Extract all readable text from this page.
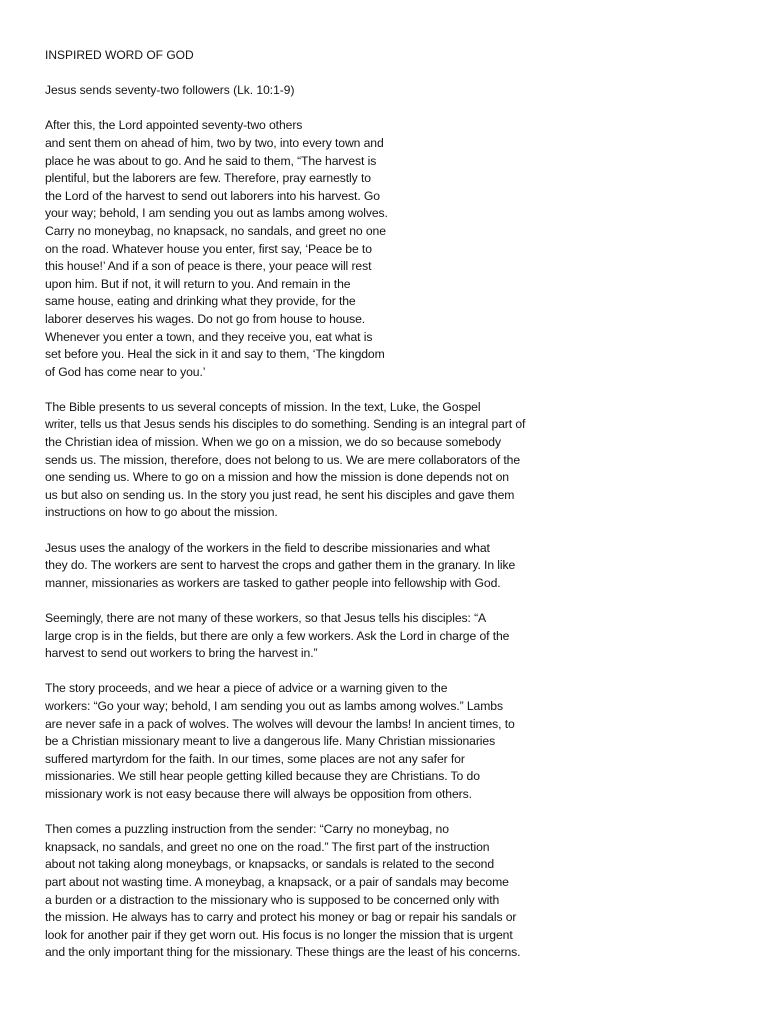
INSPIRED WORD OF GOD
Jesus sends seventy-two followers (Lk. 10:1-9)
After this, the Lord appointed seventy-two others
and sent them on ahead of him, two by two, into every town and
place he was about to go. And he said to them, “The harvest is
plentiful, but the laborers are few. Therefore, pray earnestly to
the Lord of the harvest to send out laborers into his harvest. Go
your way; behold, I am sending you out as lambs among wolves.
Carry no moneybag, no knapsack, no sandals, and greet no one
on the road. Whatever house you enter, first say, ‘Peace be to
this house!’ And if a son of peace is there, your peace will rest
upon him. But if not, it will return to you. And remain in the
same house, eating and drinking what they provide, for the
laborer deserves his wages. Do not go from house to house.
Whenever you enter a town, and they receive you, eat what is
set before you. Heal the sick in it and say to them, ‘The kingdom
of God has come near to you.’
The Bible presents to us several concepts of mission. In the text, Luke, the Gospel
writer, tells us that Jesus sends his disciples to do something. Sending is an integral part of
the Christian idea of mission. When we go on a mission, we do so because somebody
sends us. The mission, therefore, does not belong to us. We are mere collaborators of the
one sending us. Where to go on a mission and how the mission is done depends not on
us but also on sending us. In the story you just read, he sent his disciples and gave them
instructions on how to go about the mission.
Jesus uses the analogy of the workers in the field to describe missionaries and what
they do. The workers are sent to harvest the crops and gather them in the granary. In like
manner, missionaries as workers are tasked to gather people into fellowship with God.
Seemingly, there are not many of these workers, so that Jesus tells his disciples: “A
large crop is in the fields, but there are only a few workers. Ask the Lord in charge of the
harvest to send out workers to bring the harvest in.”
The story proceeds, and we hear a piece of advice or a warning given to the
workers: “Go your way; behold, I am sending you out as lambs among wolves.” Lambs
are never safe in a pack of wolves. The wolves will devour the lambs! In ancient times, to
be a Christian missionary meant to live a dangerous life. Many Christian missionaries
suffered martyrdom for the faith. In our times, some places are not any safer for
missionaries. We still hear people getting killed because they are Christians. To do
missionary work is not easy because there will always be opposition from others.
Then comes a puzzling instruction from the sender: “Carry no moneybag, no
knapsack, no sandals, and greet no one on the road.” The first part of the instruction
about not taking along moneybags, or knapsacks, or sandals is related to the second
part about not wasting time. A moneybag, a knapsack, or a pair of sandals may become
a burden or a distraction to the missionary who is supposed to be concerned only with
the mission. He always has to carry and protect his money or bag or repair his sandals or
look for another pair if they get worn out. His focus is no longer the mission that is urgent
and the only important thing for the missionary. These things are the least of his concerns.
